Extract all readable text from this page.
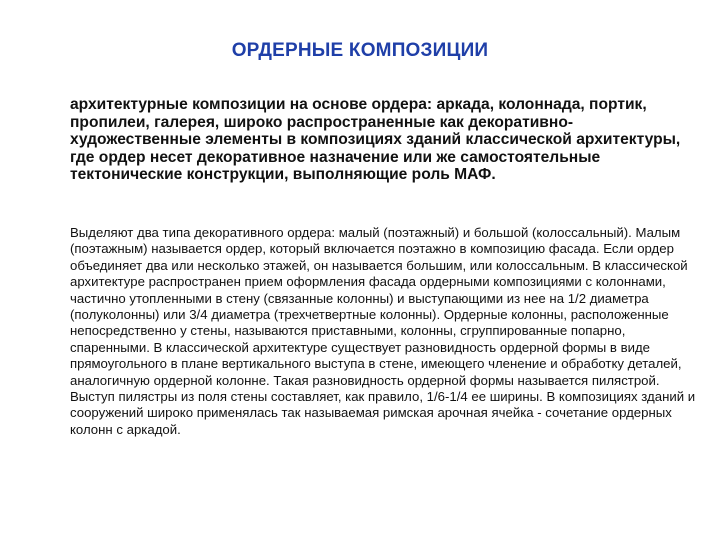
ОРДЕРНЫЕ КОМПОЗИЦИИ
архитектурные композиции на основе ордера: аркада, колоннада, портик, пропилеи, галерея, широко распространенные как декоративно-художественные элементы в композициях зданий классической архитектуры, где ордер несет декоративное назначение или же самостоятельные тектонические конструкции, выполняющие роль МАФ.
Выделяют два типа декоративного ордера: малый (поэтажный) и большой (колоссальный). Малым (поэтажным) называется ордер, который включается поэтажно в композицию фасада. Если ордер объединяет два или несколько этажей, он называется большим, или колоссальным. В классической архитектуре распространен прием оформления фасада ордерными композициями с колоннами, частично утопленными в стену (связанные колонны) и выступающими из нее на 1/2 диаметра (полуколонны) или 3/4 диаметра (трехчетвертные колонны). Ордерные колонны, расположенные непосредственно у стены, называются приставными, колонны, сгруппированные попарно, спаренными. В классической архитектуре существует разновидность ордерной формы в виде прямоугольного в плане вертикального выступа в стене, имеющего членение и обработку деталей, аналогичную ордерной колонне. Такая разновидность ордерной формы называется пилястрой. Выступ пилястры из поля стены составляет, как правило, 1/6-1/4 ее ширины. В композициях зданий и сооружений широко применялась так называемая римская арочная ячейка - сочетание ордерных колонн с аркадой.
